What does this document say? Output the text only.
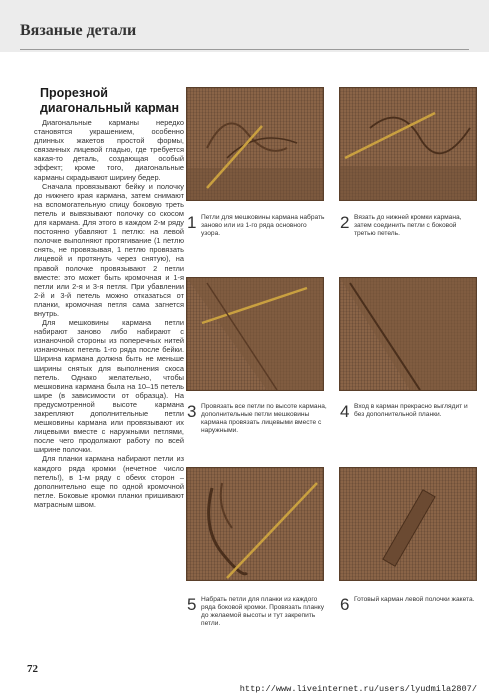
Вязаные детали
Прорезной
диагональный карман

Диагональные карманы нередко становятся украшением, особенно длинных жакетов простой формы, связанных лицевой гладью, где требуется какая-то деталь, создающая особый эффект; кроме того, диагональные карманы скрадывают ширину бедер.

Сначала провязывают бейку и полочку до нижнего края кармана, затем снимают на вспомогательную спицу боковую треть петель и вывязывают полочку со скосом для кармана. Для этого в каждом 2-м ряду постоянно убавляют 1 петлю: на левой полочке выполняют протягивание (1 петлю снять, не провязывая, 1 петлю провязать лицевой и протянуть через снятую), на правой полочке провязывают 2 петли вместе: это может быть кромочная и 1-я петли или 2-я и 3-я петля. При убавлении 2-й и 3-й петель можно отказаться от планки, кромочная петля сама загнется внутрь.

Для мешковины кармана петли набирают заново либо набирают с изнаночной стороны из поперечных нитей изнаночных петель 1-го ряда после бейки. Ширина кармана должна быть не меньше ширины снятых для выполнения скоса петель. Однако желательно, чтобы мешковина кармана была на 10–15 петель шире (в зависимости от образца). На предусмотренной высоте кармана закрепляют дополнительные петли мешковины кармана или провязывают их лицевыми вместе с наружными петлями, после чего продолжают работу по всей ширине полочки.

Для планки кармана набирают петли из каждого ряда кромки (нечетное число петель!), в 1-м ряду с обеих сторон – дополнительно еще по одной кромочной петле. Боковые кромки планки пришивают матрасным швом.

1 Петли для мешковины кармана набрать заново или из 1-го ряда основного узора.
2 Вязать до нижней кромки кармана, затем соединить петли с боковой третью петель.
3 Провязать все петли по высоте кармана, дополнительные петли мешковины кармана провязать лицевыми вместе с наружными.
4 Вход в карман прекрасно выглядит и без дополнительной планки.
5 Набрать петли для планки из каждого ряда боковой кромки. Провязать планку до желаемой высоты и тут закрепить петли.
6 Готовый карман левой полочки жакета.
72
http://www.liveinternet.ru/users/lyudmila2807/
